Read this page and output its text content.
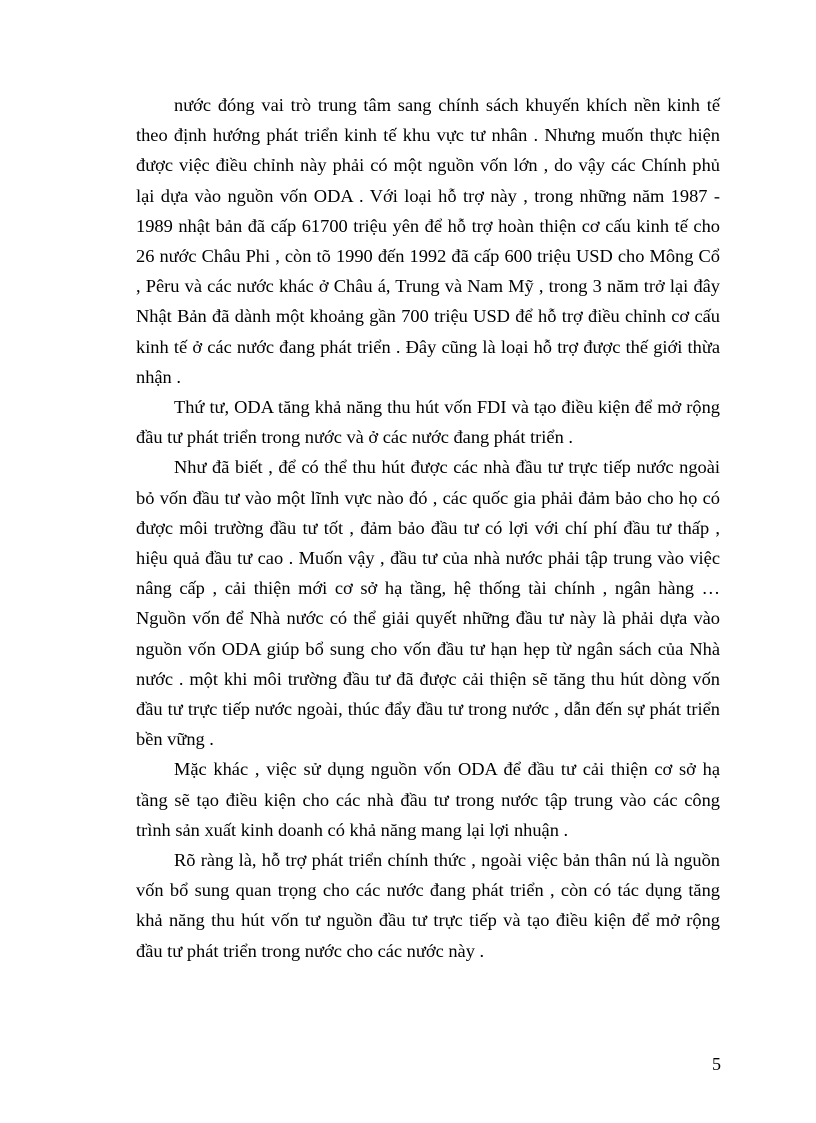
nước đóng vai trò trung tâm sang chính sách khuyến khích nền kinh tế theo định hướng phát triển kinh tế khu vực tư nhân . Nhưng muốn thực hiện được việc điều chỉnh này phải có một nguồn vốn lớn , do vậy các Chính phủ lại dựa vào nguồn vốn ODA . Với loại hỗ trợ này , trong những năm 1987 - 1989 nhật bản đã cấp 61700 triệu yên để hỗ trợ hoàn thiện cơ cấu kinh tế cho 26 nước Châu Phi , còn tõ 1990 đến 1992 đã cấp 600 triệu USD cho Mông Cổ , Pêru và các nước khác ở Châu á, Trung và Nam Mỹ , trong 3 năm trở lại đây Nhật Bản đã dành một khoảng gần 700 triệu USD để hỗ trợ điều chỉnh cơ cấu kinh tế ở các nước đang phát triển . Đây cũng là loại hỗ trợ được thế giới thừa nhận .

Thứ tư, ODA tăng khả năng thu hút vốn FDI và tạo điều kiện để mở rộng đầu tư phát triển trong nước và ở các nước đang phát triển .

Như đã biết , để có thể thu hút được các nhà đầu tư trực tiếp nước ngoài bỏ vốn đầu tư vào một lĩnh vực nào đó , các quốc gia phải đảm bảo cho họ có được môi trường đầu tư tốt , đảm bảo đầu tư có lợi với chí phí đầu tư thấp , hiệu quả đầu tư cao . Muốn vậy , đầu tư của nhà nước phải tập trung vào việc nâng cấp , cải thiện mới cơ sở hạ tầng, hệ thống tài chính , ngân hàng … Nguồn vốn để Nhà nước có thể giải quyết những đầu tư này là phải dựa vào nguồn vốn ODA giúp bổ sung cho vốn đầu tư hạn hẹp từ ngân sách của Nhà nước . một khi môi trường đầu tư đã được cải thiện sẽ tăng thu hút dòng vốn đầu tư trực tiếp nước ngoài, thúc đẩy đầu tư trong nước , dẫn đến sự phát triển bền vững .

Mặc khác , việc sử dụng nguồn vốn ODA để đầu tư cải thiện cơ sở hạ tầng sẽ tạo điều kiện cho các nhà đầu tư trong nước tập trung vào các công trình sản xuất kinh doanh có khả năng mang lại lợi nhuận .

Rõ ràng là, hỗ trợ phát triển chính thức , ngoài việc bản thân nú là nguồn vốn bổ sung quan trọng cho các nước đang phát triển , còn có tác dụng tăng khả năng thu hút vốn tư nguồn đầu tư trực tiếp và tạo điều kiện để mở rộng đầu tư phát triển trong nước cho các nước này .

5
